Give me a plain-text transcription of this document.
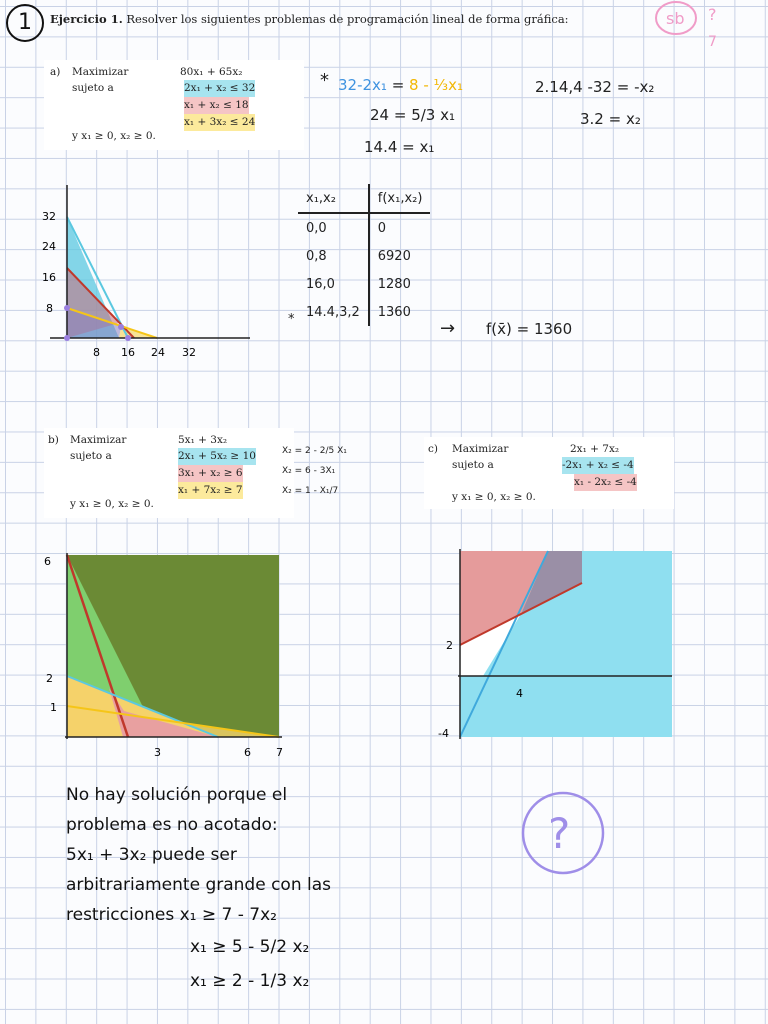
1	Ejercicio 1. Resolver los siguientes problemas de programación lineal de forma gráfica:	sb ?
7
a) Maximizar
sujeto a
80x₁ + 65x₂
2x₁ + x₂ ≤ 32
x₁ + x₂ ≤ 18
x₁ + 3x₂ ≤ 24
y x₁ ≥ 0, x₂ ≥ 0.
* 32-2x₁ = 8 - ⅓x₁
24 = 5/3 x₁
14.4 = x₁
2.14,4 -32 = -x₂
3.2 = x₂
32
24
16
8
8 16 24 32
x₁,x₂	f(x₁,x₂)
0,0	0
0,8	6920
16,0	1280
14.4,3,2	1360
*	→ f(x̄) = 1360
b) Maximizar
sujeto a
5x₁ + 3x₂
2x₁ + 5x₂ ≥ 10
3x₁ + x₂ ≥ 6
x₁ + 7x₂ ≥ 7
y x₁ ≥ 0, x₂ ≥ 0.
X₂ = 2 - 2/5 X₁
X₂ = 6 - 3X₁
X₂ = 1 - X₁/7
c) Maximizar
sujeto a
2x₁ + 7x₂
-2x₁ + x₂ ≤ -4
x₁ - 2x₂ ≤ -4
y x₁ ≥ 0, x₂ ≥ 0.
6
2
1
3	6 7
2
-4
4
No hay solución porque el
problema es no acotado:
5x₁ + 3x₂ puede ser
arbitrariamente grande con las
restricciones x₁ ≥ 7 - 7x₂
x₁ ≥ 5 - 5/2 x₂
x₁ ≥ 2 - 1/3 x₂
?
